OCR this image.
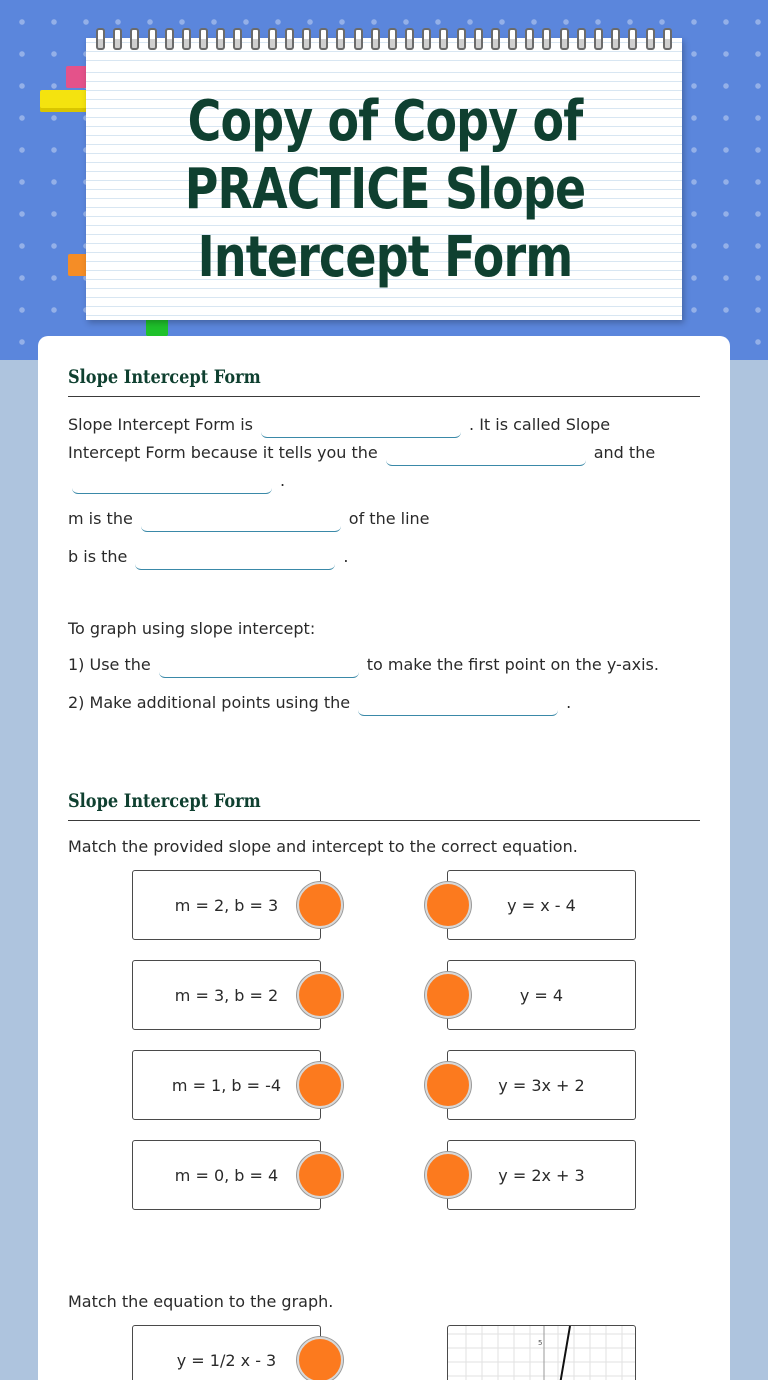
Copy of Copy of PRACTICE Slope Intercept Form
Slope Intercept Form
Slope Intercept Form is	. It is called Slope
Intercept Form because it tells you the	and the
.
m is the	of the line
b is the	.
To graph using slope intercept:
1) Use the	to make the first point on the y-axis.
2) Make additional points using the	.
Slope Intercept Form
Match the provided slope and intercept to the correct equation.
m = 2, b = 3
m = 3, b = 2
m = 1, b = -4
m = 0, b = 4
y = x - 4
y = 4
y = 3x + 2
y = 2x + 3
Match the equation to the graph.
y = 1/2 x - 3
5
